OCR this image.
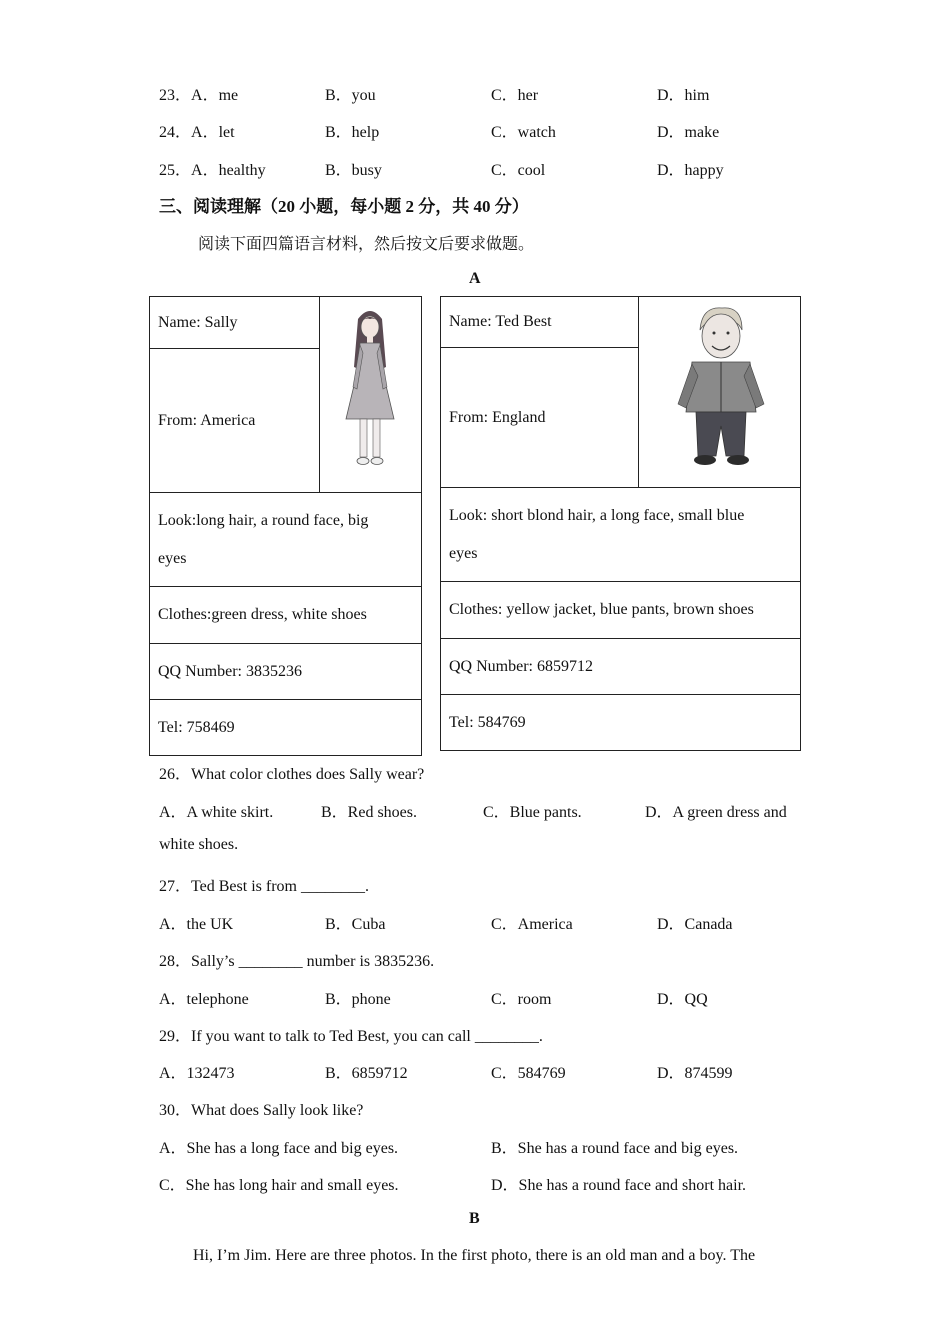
23．A．me	B．you	C．her	D．him
24．A．let	B．help	C．watch	D．make
25．A．healthy	B．busy	C．cool	D．happy
三、阅读理解（20 小题，每小题 2 分，共 40 分）
阅读下面四篇语言材料，然后按文后要求做题。
A
Name: Sally	
From: America
Look:long hair, a round face, big
eyes
Clothes:green dress, white shoes
QQ Number: 3835236
Tel: 758469
Name: Ted Best	
From: England
Look: short blond hair, a long face, small blue
eyes
Clothes: yellow jacket, blue pants, brown shoes
QQ Number: 6859712
Tel: 584769
26．What color clothes does Sally wear?
A．A white skirt.	B．Red shoes.	C．Blue pants.	D．A green dress and
white shoes.
27．Ted Best is from ________.
A．the UK	B．Cuba	C．America	D．Canada
28．Sally’s ________ number is 3835236.
A．telephone	B．phone	C．room	D．QQ
29．If you want to talk to Ted Best, you can call ________.
A．132473	B．6859712	C．584769	D．874599
30．What does Sally look like?
A．She has a long face and big eyes.	B．She has a round face and big eyes.
C．She has long hair and small eyes.	D．She has a round face and short hair.
B
Hi, I’m Jim. Here are three photos. In the first photo, there is an old man and a boy. The
